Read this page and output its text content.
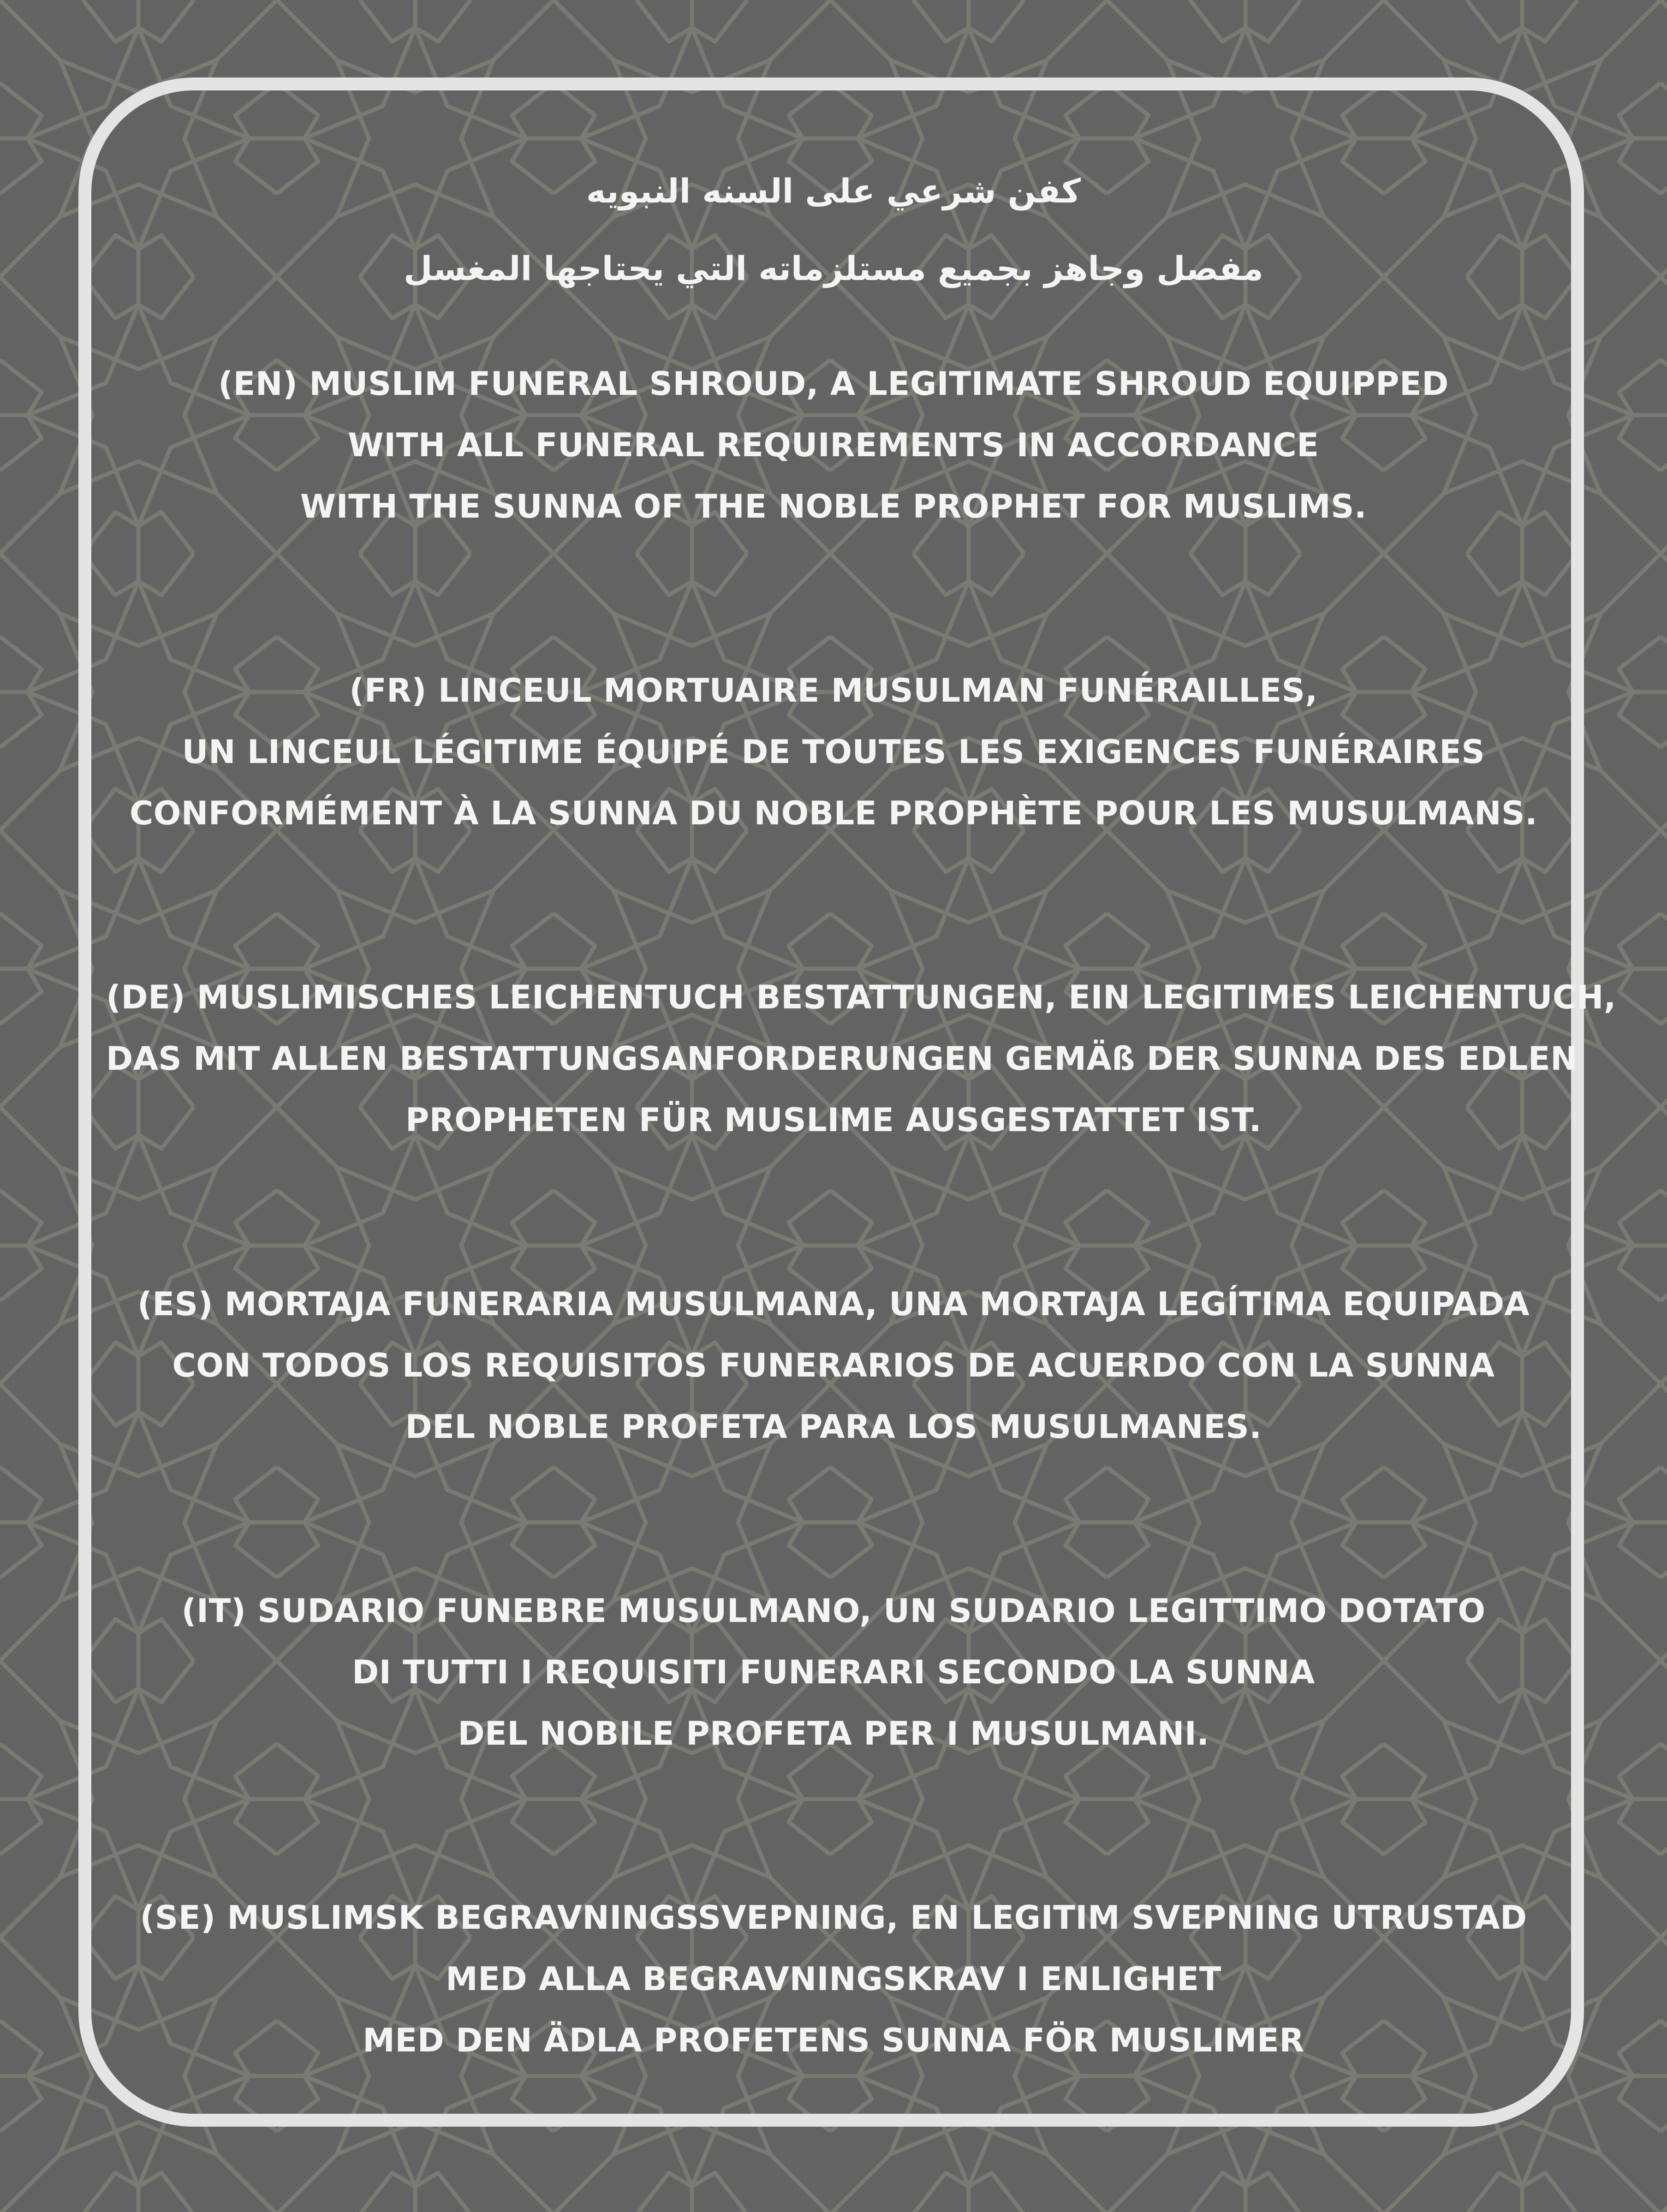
كفن شرعي على السنه النبويه

مفصل وجاهز بجميع مستلزماته التي يحتاجها المغسل

(EN) MUSLIM FUNERAL SHROUD, A LEGITIMATE SHROUD EQUIPPED
WITH ALL FUNERAL REQUIREMENTS IN ACCORDANCE
WITH THE SUNNA OF THE NOBLE PROPHET FOR MUSLIMS.
(FR) LINCEUL MORTUAIRE MUSULMAN FUNÉRAILLES,
UN LINCEUL LÉGITIME ÉQUIPÉ DE TOUTES LES EXIGENCES FUNÉRAIRES
CONFORMÉMENT À LA SUNNA DU NOBLE PROPHÈTE POUR LES MUSULMANS.
(DE) MUSLIMISCHES LEICHENTUCH BESTATTUNGEN, EIN LEGITIMES LEICHENTUCH,
DAS MIT ALLEN BESTATTUNGSANFORDERUNGEN GEMÄß DER SUNNA DES EDLEN
PROPHETEN FÜR MUSLIME AUSGESTATTET IST.
(ES) MORTAJA FUNERARIA MUSULMANA, UNA MORTAJA LEGÍTIMA EQUIPADA
CON TODOS LOS REQUISITOS FUNERARIOS DE ACUERDO CON LA SUNNA
DEL NOBLE PROFETA PARA LOS MUSULMANES.
(IT) SUDARIO FUNEBRE MUSULMANO, UN SUDARIO LEGITTIMO DOTATO
DI TUTTI I REQUISITI FUNERARI SECONDO LA SUNNA
DEL NOBILE PROFETA PER I MUSULMANI.
(SE) MUSLIMSK BEGRAVNINGSSVEPNING, EN LEGITIM SVEPNING UTRUSTAD
MED ALLA BEGRAVNINGSKRAV I ENLIGHET
MED DEN ÄDLA PROFETENS SUNNA FÖR MUSLIMER
